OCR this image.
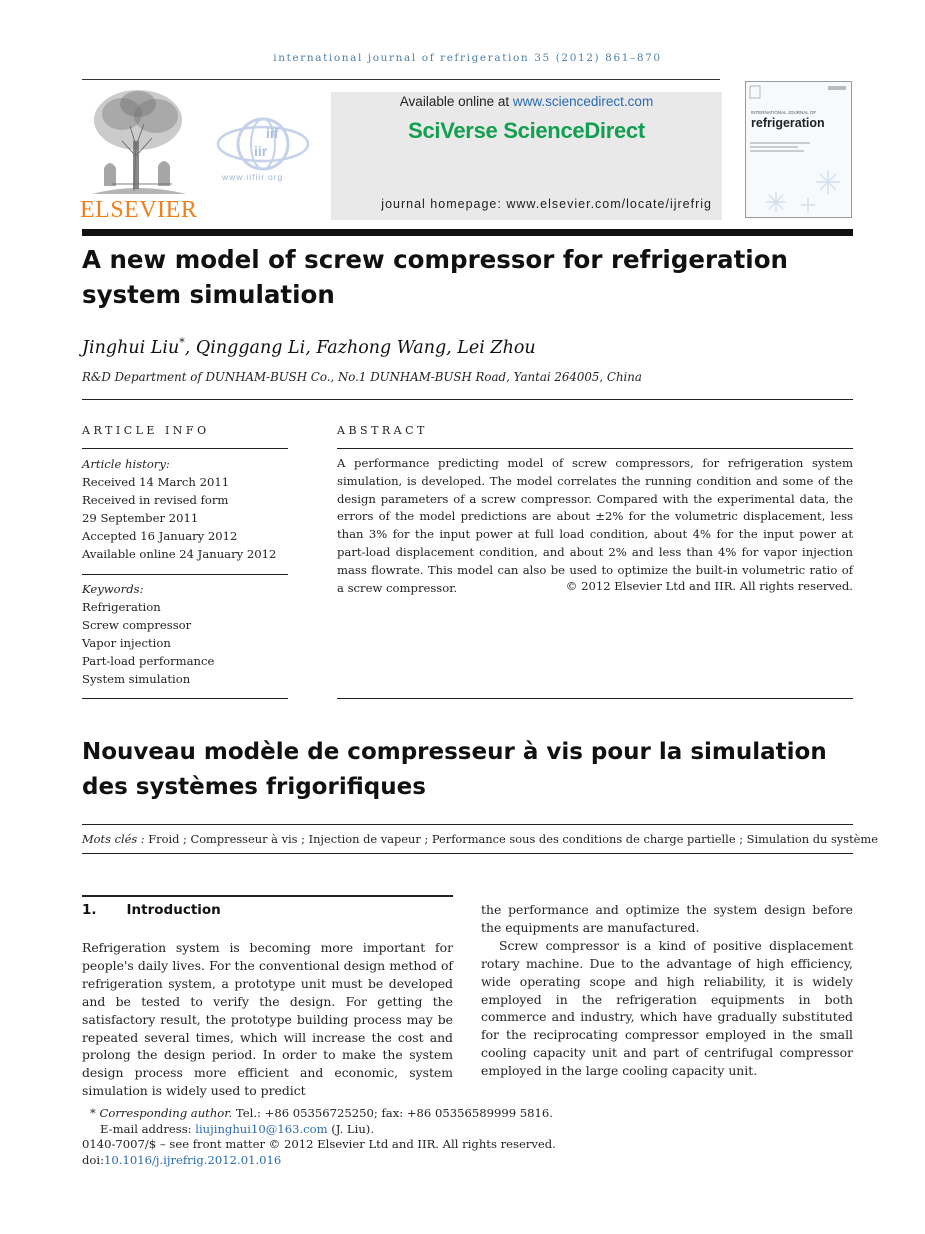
international journal of refrigeration 35 (2012) 861–870
ELSEVIER
iif
iir
www.iifiir.org
Available online at www.sciencedirect.com
SciVerse ScienceDirect
journal homepage: www.elsevier.com/locate/ijrefrig
INTERNATIONAL JOURNAL OF
refrigeration
A new model of screw compressor for refrigeration system simulation
Jinghui Liu*, Qinggang Li, Fazhong Wang, Lei Zhou
R&D Department of DUNHAM-BUSH Co., No.1 DUNHAM-BUSH Road, Yantai 264005, China
ARTICLE INFO
Article history:
Received 14 March 2011
Received in revised form
29 September 2011
Accepted 16 January 2012
Available online 24 January 2012
Keywords:
Refrigeration
Screw compressor
Vapor injection
Part-load performance
System simulation
ABSTRACT
A performance predicting model of screw compressors, for refrigeration system simulation, is developed. The model correlates the running condition and some of the design parameters of a screw compressor. Compared with the experimental data, the errors of the model predictions are about ±2% for the volumetric displacement, less than 3% for the input power at full load condition, about 4% for the input power at part-load displacement condition, and about 2% and less than 4% for vapor injection mass flowrate. This model can also be used to optimize the built-in volumetric ratio of a screw compressor.	© 2012 Elsevier Ltd and IIR. All rights reserved.
Nouveau modèle de compresseur à vis pour la simulation des systèmes frigorifiques
Mots clés : Froid ; Compresseur à vis ; Injection de vapeur ; Performance sous des conditions de charge partielle ; Simulation du système
1. Introduction
Refrigeration system is becoming more important for people's daily lives. For the conventional design method of refrigeration system, a prototype unit must be developed and be tested to verify the design. For getting the satisfactory result, the prototype building process may be repeated several times, which will increase the cost and prolong the design period. In order to make the system design process more efficient and economic, system simulation is widely used to predict

the performance and optimize the system design before the equipments are manufactured.

Screw compressor is a kind of positive displacement rotary machine. Due to the advantage of high efficiency, wide operating scope and high reliability, it is widely employed in the refrigeration equipments in both commerce and industry, which have gradually substituted for the reciprocating compressor employed in the small cooling capacity unit and part of centrifugal compressor employed in the large cooling capacity unit.

* Corresponding author. Tel.: +86 05356725250; fax: +86 05356589999 5816.
E-mail address: liujinghui10@163.com (J. Liu).
0140-7007/$ – see front matter © 2012 Elsevier Ltd and IIR. All rights reserved.
doi:10.1016/j.ijrefrig.2012.01.016
